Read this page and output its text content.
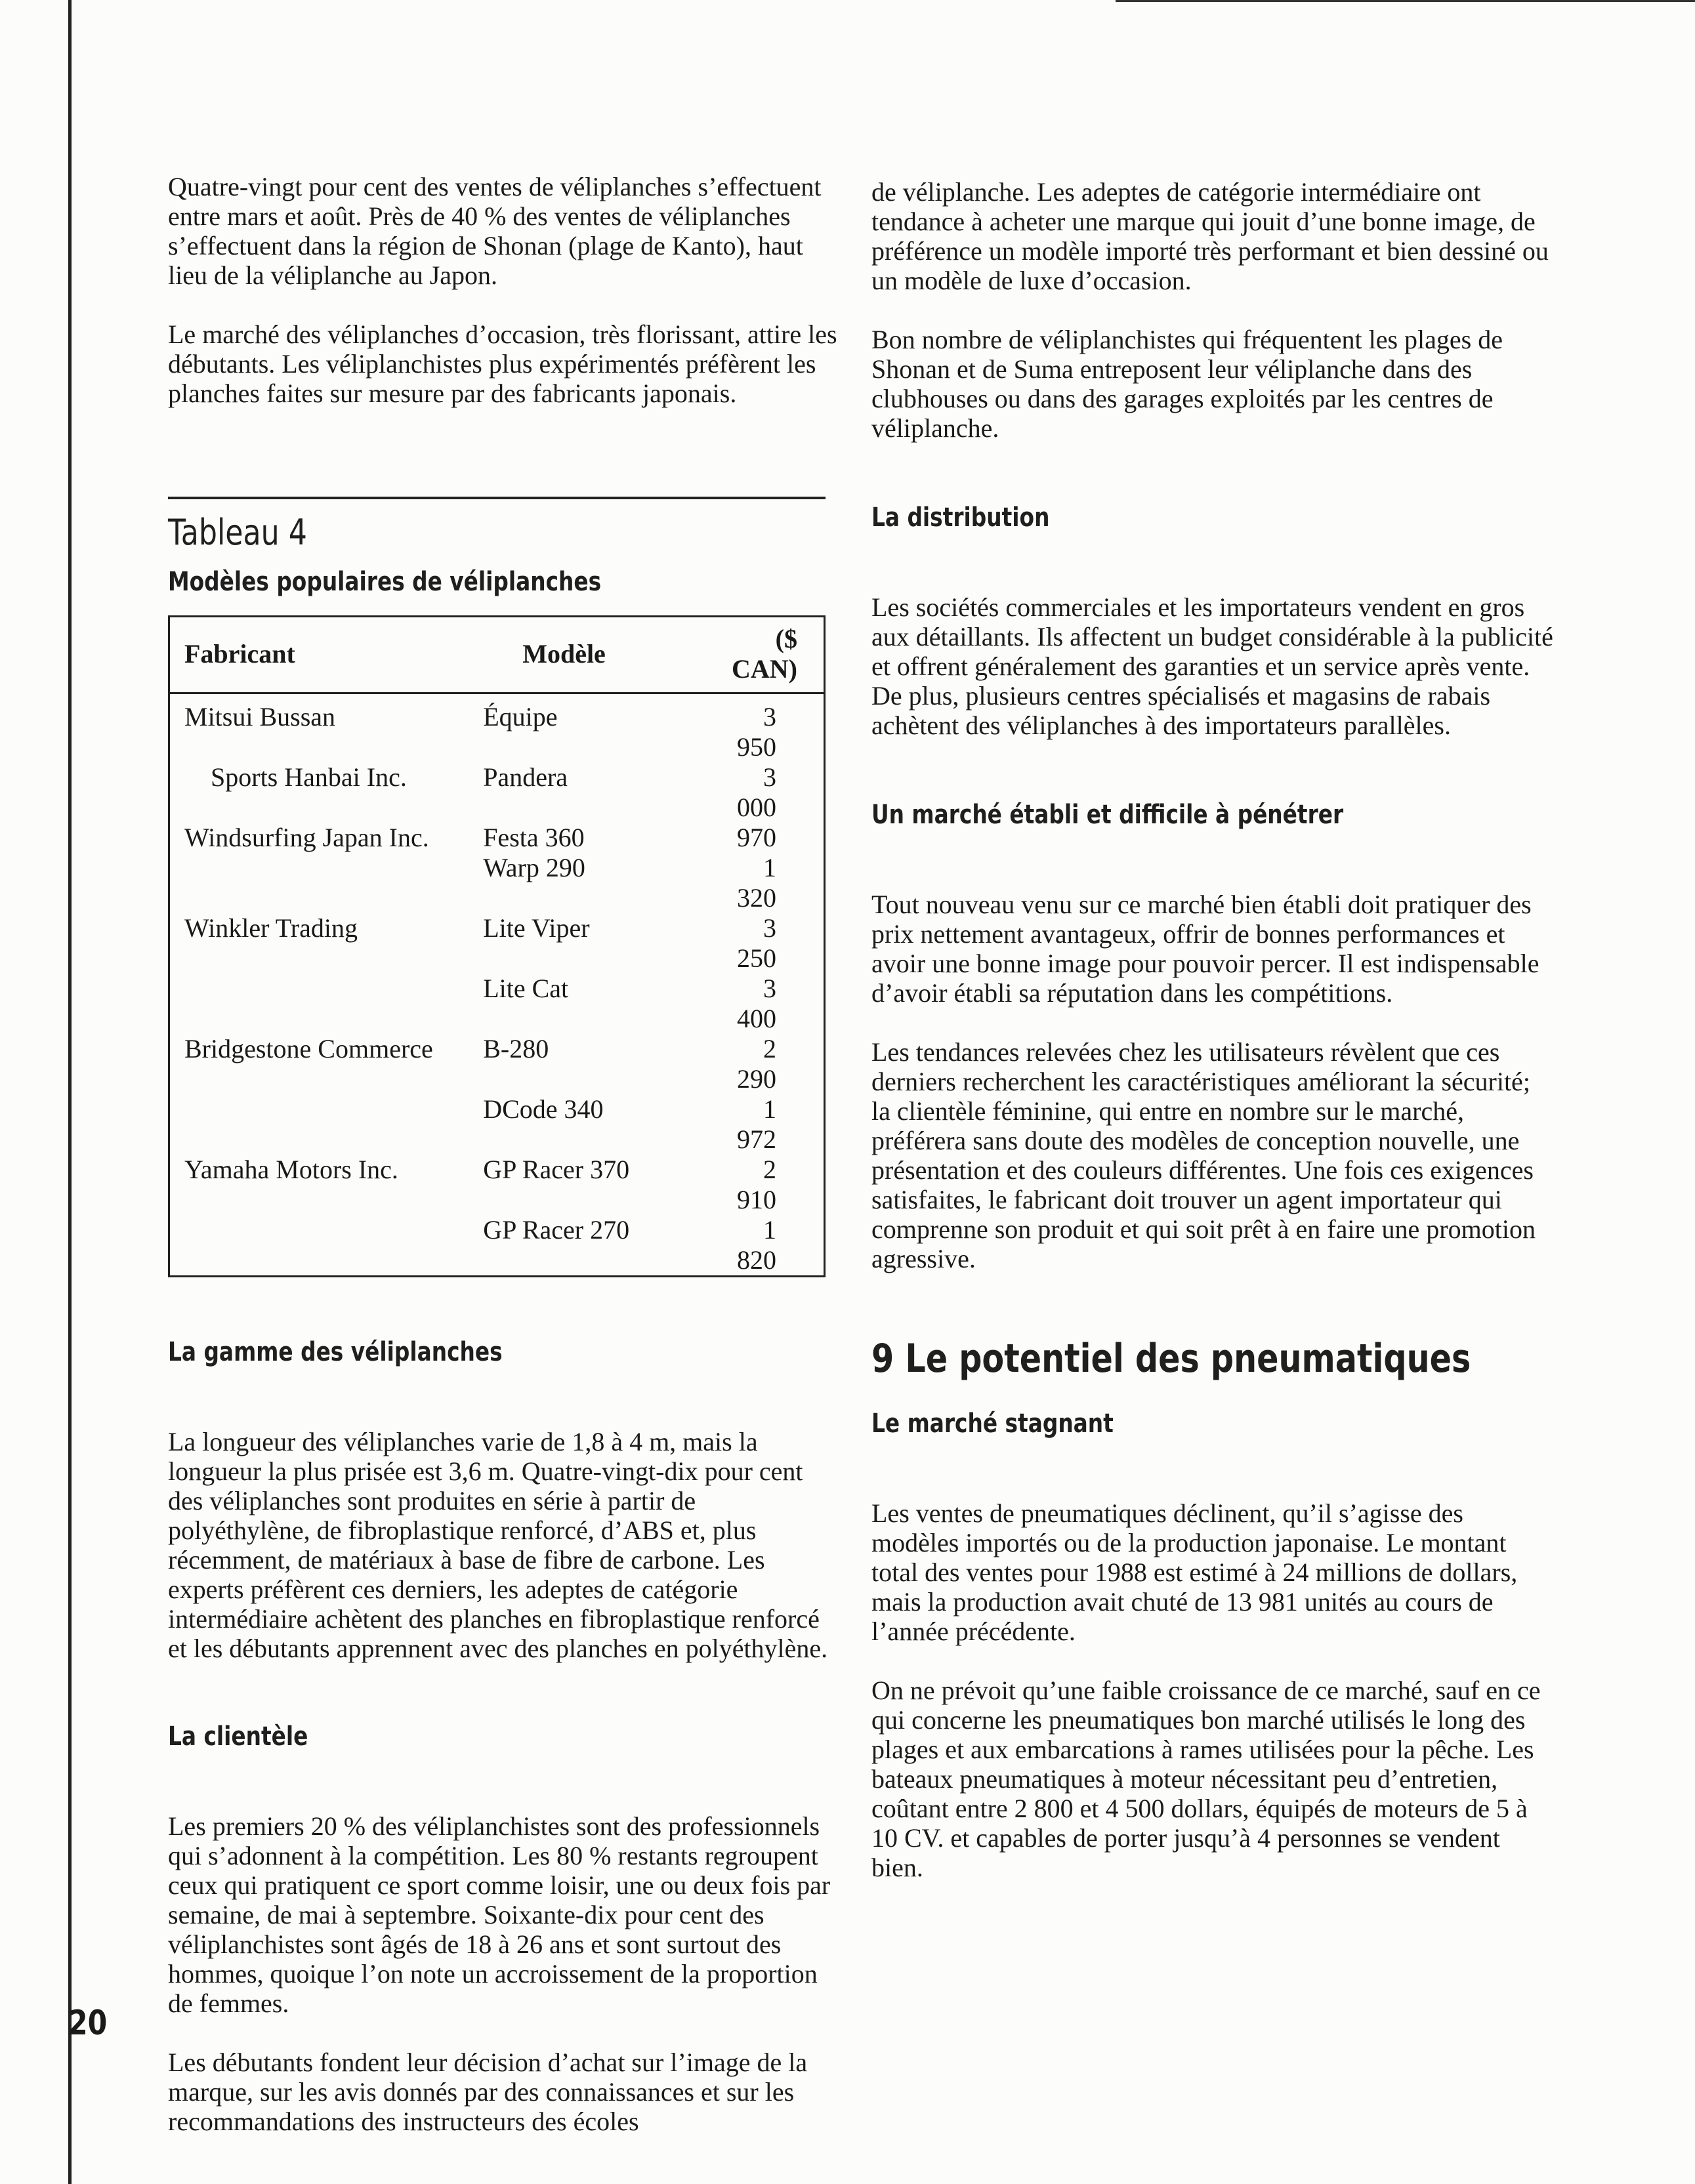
Quatre-vingt pour cent des ventes de véliplanches s’effectuent entre mars et août. Près de 40 % des ventes de véliplanches s’effectuent dans la région de Shonan (plage de Kanto), haut lieu de la véliplanche au Japon.

Le marché des véliplanches d’occasion, très florissant, attire les débutants. Les véliplanchistes plus expérimentés préfèrent les planches faites sur mesure par des fabricants japonais.

Tableau 4
Modèles populaires de véliplanches
Fabricant	Modèle	($ CAN)
Mitsui Bussan	Équipe	3 950
Sports Hanbai Inc.	Pandera	3 000
Windsurfing Japan Inc.	Festa 360	970
	Warp 290	1 320
Winkler Trading	Lite Viper	3 250
	Lite Cat	3 400
Bridgestone Commerce	B-280	2 290
	DCode 340	1 972
Yamaha Motors Inc.	GP Racer 370	2 910
	GP Racer 270	1 820
La gamme des véliplanches

La longueur des véliplanches varie de 1,8 à 4 m, mais la longueur la plus prisée est 3,6 m. Quatre-vingt-dix pour cent des véliplanches sont produites en série à partir de polyéthylène, de fibroplastique renforcé, d’ABS et, plus récemment, de matériaux à base de fibre de carbone. Les experts préfèrent ces derniers, les adeptes de catégorie intermédiaire achètent des planches en fibroplastique renforcé et les débutants apprennent avec des planches en polyéthylène.

La clientèle

Les premiers 20 % des véliplanchistes sont des professionnels qui s’adonnent à la compétition. Les 80 % restants regroupent ceux qui pratiquent ce sport comme loisir, une ou deux fois par semaine, de mai à septembre. Soixante-dix pour cent des véliplanchistes sont âgés de 18 à 26 ans et sont surtout des hommes, quoique l’on note un accroissement de la proportion de femmes.

Les débutants fondent leur décision d’achat sur l’image de la marque, sur les avis donnés par des connaissances et sur les recommandations des instructeurs des écoles

de véliplanche. Les adeptes de catégorie intermédiaire ont tendance à acheter une marque qui jouit d’une bonne image, de préférence un modèle importé très performant et bien dessiné ou un modèle de luxe d’occasion.

Bon nombre de véliplanchistes qui fréquentent les plages de Shonan et de Suma entreposent leur véliplanche dans des clubhouses ou dans des garages exploités par les centres de véliplanche.

La distribution

Les sociétés commerciales et les importateurs vendent en gros aux détaillants. Ils affectent un budget considérable à la publicité et offrent généralement des garanties et un service après vente. De plus, plusieurs centres spécialisés et magasins de rabais achètent des véliplanches à des importateurs parallèles.

Un marché établi et difficile à pénétrer

Tout nouveau venu sur ce marché bien établi doit pratiquer des prix nettement avantageux, offrir de bonnes performances et avoir une bonne image pour pouvoir percer. Il est indispensable d’avoir établi sa réputation dans les compétitions.

Les tendances relevées chez les utilisateurs révèlent que ces derniers recherchent les caractéristiques améliorant la sécurité; la clientèle féminine, qui entre en nombre sur le marché, préférera sans doute des modèles de conception nouvelle, une présentation et des couleurs différentes. Une fois ces exigences satisfaites, le fabricant doit trouver un agent importateur qui comprenne son produit et qui soit prêt à en faire une promotion agressive.

9 Le potentiel des pneumatiques
Le marché stagnant

Les ventes de pneumatiques déclinent, qu’il s’agisse des modèles importés ou de la production japonaise. Le montant total des ventes pour 1988 est estimé à 24 millions de dollars, mais la production avait chuté de 13 981 unités au cours de l’année précédente.

On ne prévoit qu’une faible croissance de ce marché, sauf en ce qui concerne les pneumatiques bon marché utilisés le long des plages et aux embarcations à rames utilisées pour la pêche. Les bateaux pneumatiques à moteur nécessitant peu d’entretien, coûtant entre 2 800 et 4 500 dollars, équipés de moteurs de 5 à 10 CV. et capables de porter jusqu’à 4 personnes se vendent bien.

20
